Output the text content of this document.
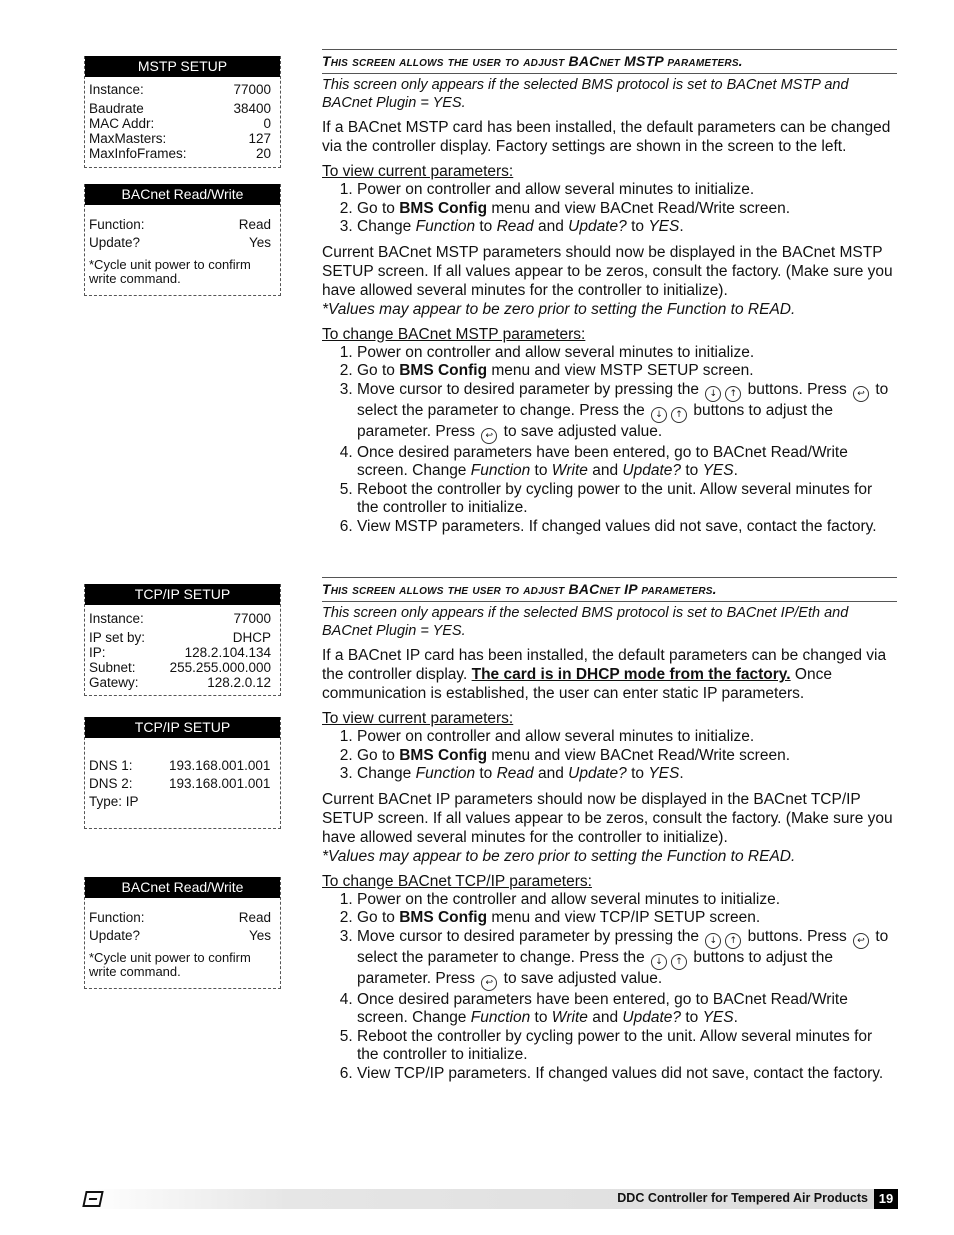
MSTP SETUP
Instance:	77000
Baudrate	38400
MAC Addr:	0
MaxMasters:	127
MaxInfoFrames:	20
BACnet Read/Write
Function:	Read
Update?	Yes
*Cycle unit power to confirm write command.
TCP/IP SETUP
Instance:	77000
IP set by:	DHCP
IP:	128.2.104.134
Subnet:	255.255.000.000
Gatewy:	128.2.0.12
TCP/IP SETUP
DNS 1:	193.168.001.001
DNS 2:	193.168.001.001
Type: IP
BACnet Read/Write
Function:	Read
Update?	Yes
*Cycle unit power to confirm write command.
This screen allows the user to adjust BACnet MSTP parameters.
This screen only appears if the selected BMS protocol is set to BACnet MSTP and BACnet Plugin = YES.
If a BACnet MSTP card has been installed, the default parameters can be changed via the controller display. Factory settings are shown in the screen to the left.
To view current parameters:
1. Power on controller and allow several minutes to initialize.
2. Go to BMS Config menu and view BACnet Read/Write screen.
3. Change Function to Read and Update? to YES.
Current BACnet MSTP parameters should now be displayed in the BACnet MSTP SETUP screen. If all values appear to be zeros, consult the factory. (Make sure you have allowed several minutes for the controller to initialize).
*Values may appear to be zero prior to setting the Function to READ.
To change BACnet MSTP parameters:
1. Power on controller and allow several minutes to initialize.
2. Go to BMS Config menu and view MSTP SETUP screen.
3. Move cursor to desired parameter by pressing the ↓ ↑ buttons. Press ↩ to select the parameter to change. Press the ↓ ↑ buttons to adjust the parameter. Press ↩ to save adjusted value.
4. Once desired parameters have been entered, go to BACnet Read/Write screen. Change Function to Write and Update? to YES.
5. Reboot the controller by cycling power to the unit. Allow several minutes for the controller to initialize.
6. View MSTP parameters. If changed values did not save, contact the factory.
This screen allows the user to adjust BACnet IP parameters.
This screen only appears if the selected BMS protocol is set to BACnet IP/Eth and BACnet Plugin = YES.
If a BACnet IP card has been installed, the default parameters can be changed via the controller display. The card is in DHCP mode from the factory. Once communication is established, the user can enter static IP parameters.
To view current parameters:
1. Power on controller and allow several minutes to initialize.
2. Go to BMS Config menu and view BACnet Read/Write screen.
3. Change Function to Read and Update? to YES.
Current BACnet IP parameters should now be displayed in the BACnet TCP/IP SETUP screen. If all values appear to be zeros, consult the factory. (Make sure you have allowed several minutes for the controller to initialize).
*Values may appear to be zero prior to setting the Function to READ.
To change BACnet TCP/IP parameters:
1. Power on the controller and allow several minutes to initialize.
2. Go to BMS Config menu and view TCP/IP SETUP screen.
3. Move cursor to desired parameter by pressing the ↓ ↑ buttons. Press ↩ to select the parameter to change. Press the ↓ ↑ buttons to adjust the parameter. Press ↩ to save adjusted value.
4. Once desired parameters have been entered, go to BACnet Read/Write screen. Change Function to Write and Update? to YES.
5. Reboot the controller by cycling power to the unit. Allow several minutes for the controller to initialize.
6. View TCP/IP parameters. If changed values did not save, contact the factory.
DDC Controller for Tempered Air Products 19
